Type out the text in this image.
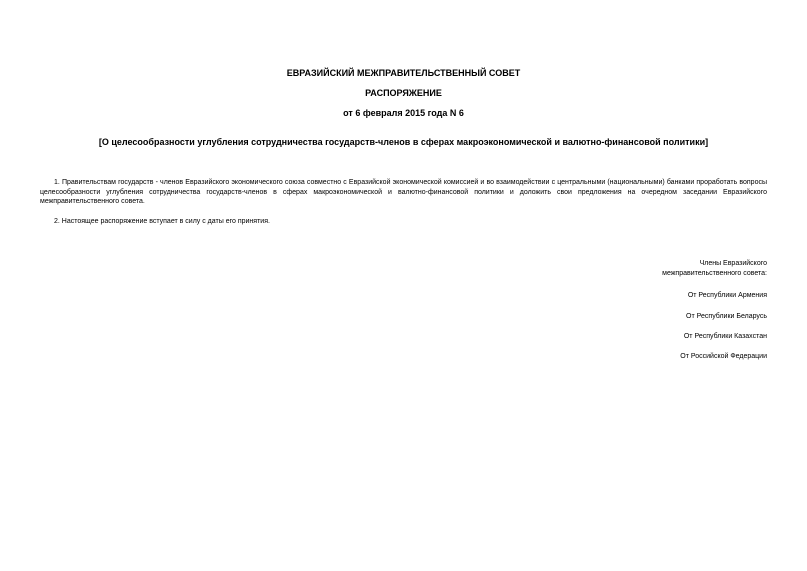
ЕВРАЗИЙСКИЙ МЕЖПРАВИТЕЛЬСТВЕННЫЙ СОВЕТ
РАСПОРЯЖЕНИЕ
от 6 февраля 2015 года N 6
[О целесообразности углубления сотрудничества государств-членов в сферах макроэкономической и валютно-финансовой политики]
1. Правительствам государств - членов Евразийского экономического союза совместно с Евразийской экономической комиссией и во взаимодействии с центральными (национальными) банками проработать вопросы целесообразности углубления сотрудничества государств-членов в сферах макроэкономической и валютно-финансовой политики и доложить свои предложения на очередном заседании Евразийского межправительственного совета.
2. Настоящее распоряжение вступает в силу с даты его принятия.
Члены Евразийского
межправительственного совета:
От Республики Армения
От Республики Беларусь
От Республики Казахстан
От Российской Федерации
